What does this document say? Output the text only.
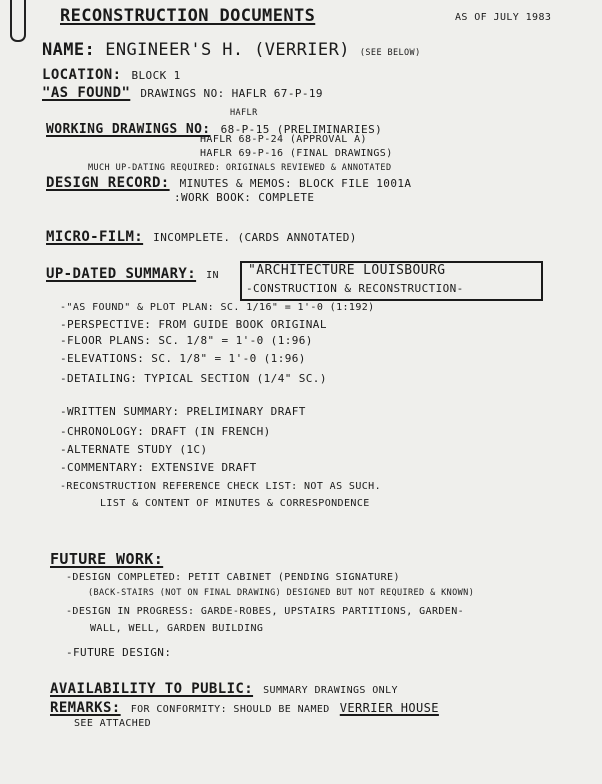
RECONSTRUCTION DOCUMENTS	AS OF JULY 1983
NAME: ENGINEER'S H. (VERRIER) (SEE BELOW)
LOCATION: BLOCK 1
"AS FOUND" DRAWINGS NO: HAFLR 67-P-19
HAFLR
WORKING DRAWINGS NO: 68-P-15 (PRELIMINARIES)
HAFLR 68-P-24 (APPROVAL A)
HAFLR 69-P-16 (FINAL DRAWINGS)
MUCH UP-DATING REQUIRED: ORIGINALS REVIEWED & ANNOTATED
DESIGN RECORD: MINUTES & MEMOS: BLOCK FILE 1001A
:WORK BOOK: COMPLETE
MICRO-FILM: INCOMPLETE. (CARDS ANNOTATED)
UP-DATED SUMMARY: IN "ARCHITECTURE LOUISBOURG
-CONSTRUCTION & RECONSTRUCTION-
-"AS FOUND" & PLOT PLAN: SC. 1/16" = 1'-0 (1:192)
-PERSPECTIVE: FROM GUIDE BOOK ORIGINAL
-FLOOR PLANS: SC. 1/8" = 1'-0 (1:96)
-ELEVATIONS: SC. 1/8" = 1'-0 (1:96)
-DETAILING: TYPICAL SECTION (1/4" SC.)
-WRITTEN SUMMARY: PRELIMINARY DRAFT
-CHRONOLOGY: DRAFT (IN FRENCH)
-ALTERNATE STUDY (1C)
-COMMENTARY: EXTENSIVE DRAFT
-RECONSTRUCTION REFERENCE CHECK LIST: NOT AS SUCH.
LIST & CONTENT OF MINUTES & CORRESPONDENCE
FUTURE WORK:
-DESIGN COMPLETED: PETIT CABINET (PENDING SIGNATURE)
(BACK-STAIRS (NOT ON FINAL DRAWING) DESIGNED BUT NOT REQUIRED & KNOWN)
-DESIGN IN PROGRESS: GARDE-ROBES, UPSTAIRS PARTITIONS, GARDEN-
WALL, WELL, GARDEN BUILDING
-FUTURE DESIGN:
AVAILABILITY TO PUBLIC: SUMMARY DRAWINGS ONLY
REMARKS: FOR CONFORMITY: SHOULD BE NAMED VERRIER HOUSE
SEE ATTACHED
